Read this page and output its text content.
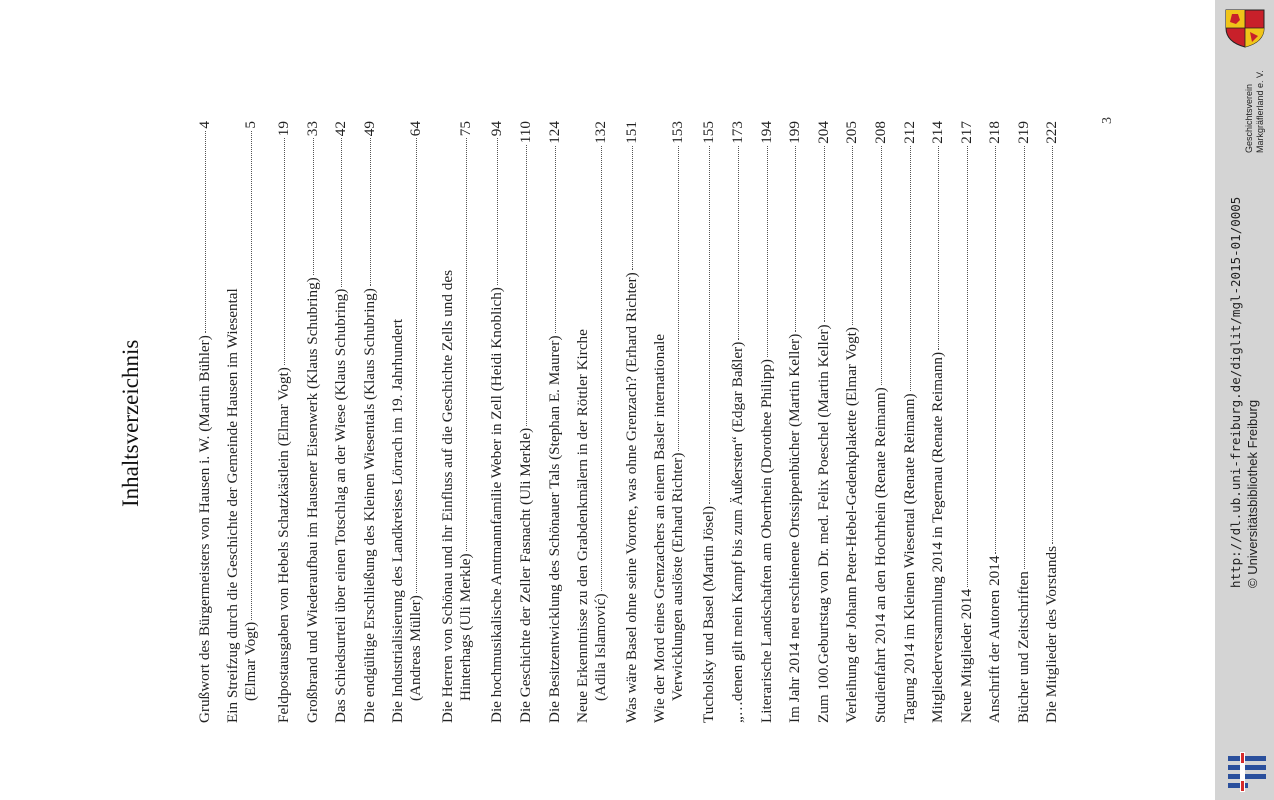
Inhaltsverzeichnis	Grußwort des Bürgermeisters von Hausen i. W. (Martin Bühler)
4
Ein Streifzug durch die Geschichte der Gemeinde Hausen im Wiesental (Elmar Vogt)
5
Feldpostausgaben von Hebels Schatzkästlein (Elmar Vogt)
19
Großbrand und Wiederaufbau im Hausener Eisenwerk (Klaus Schubring)
33
Das Schiedsurteil über einen Totschlag an der Wiese (Klaus Schubring)
42
Die endgültige Erschließung des Kleinen Wiesentals (Klaus Schubring)
49
Die Industrialisierung des Landkreises Lörrach im 19. Jahrhundert (Andreas Müller)
64
Die Herren von Schönau und ihr Einfluss auf die Geschichte Zells und des Hinterhags (Uli Merkle)
75
Die hochmusikalische Amtmannfamilie Weber in Zell (Heidi Knoblich)
94
Die Geschichte der Zeller Fasnacht (Uli Merkle)
110
Die Besitzentwicklung des Schönauer Tals (Stephan E. Maurer)
124
Neue Erkenntnisse zu den Grabdenkmälern in der Röttler Kirche (Adila Islamović)
132
Was wäre Basel ohne seine Vororte, was ohne Grenzach? (Erhard Richter)
151
Wie der Mord eines Grenzachers an einem Basler internationale Verwicklungen auslöste (Erhard Richter)
153
Tucholsky und Basel (Martin Jösel)
155
„…denen gilt mein Kampf bis zum Äußersten“ (Edgar Baßler)
173
Literarische Landschaften am Oberrhein (Dorothee Philipp)
194
Im Jahr 2014 neu erschienene Ortssippenbücher (Martin Keller)
199
Zum 100.Geburtstag von Dr. med. Felix Poeschel (Martin Keller)
204
Verleihung der Johann Peter-Hebel-Gedenkplakette (Elmar Vogt)
205
Studienfahrt 2014 an den Hochrhein (Renate Reimann)
208
Tagung 2014 im Kleinen Wiesental (Renate Reimann)
212
Mitgliederversammlung 2014 in Tegernau (Renate Reimann)
214
Neue Mitglieder 2014
217
Anschrift der Autoren 2014
218
Bücher und Zeitschriften
219
Die Mitglieder des Vorstands
222
3
http://dl.ub.uni-freiburg.de/diglit/mgl-2015-01/0005 © Universitätsbibliothek Freiburg
Geschichtsverein Markgräflerland e. V.
